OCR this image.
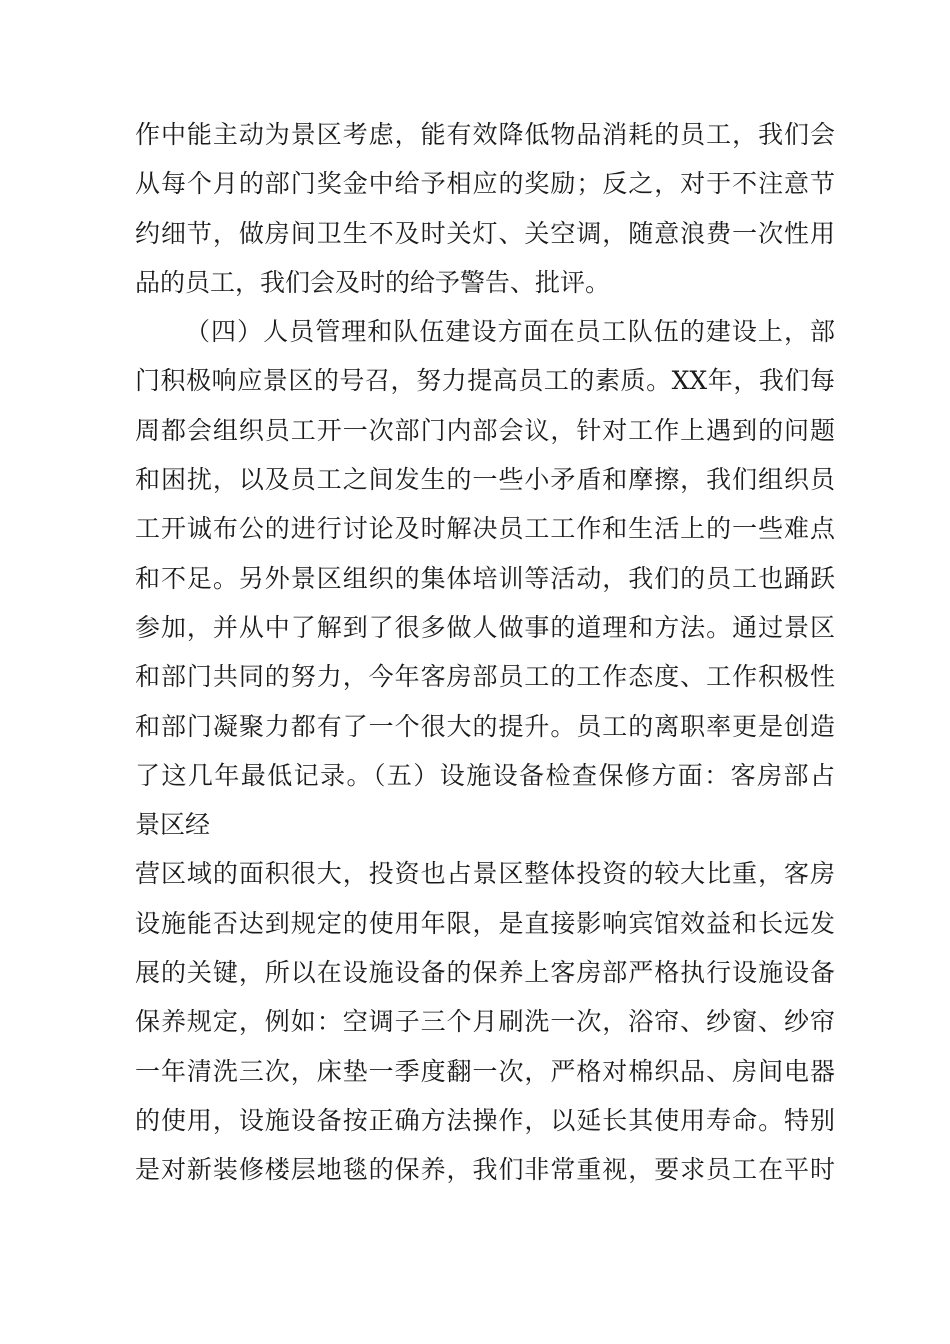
作中能主动为景区考虑，能有效降低物品消耗的员工，我们会
从每个月的部门奖金中给予相应的奖励；反之，对于不注意节
约细节，做房间卫生不及时关灯、关空调，随意浪费一次性用
品的员工，我们会及时的给予警告、批评。
（四）人员管理和队伍建设方面在员工队伍的建设上，部
门积极响应景区的号召，努力提高员工的素质。XX年，我们每
周都会组织员工开一次部门内部会议，针对工作上遇到的问题
和困扰，以及员工之间发生的一些小矛盾和摩擦，我们组织员
工开诚布公的进行讨论及时解决员工工作和生活上的一些难点
和不足。另外景区组织的集体培训等活动，我们的员工也踊跃
参加，并从中了解到了很多做人做事的道理和方法。通过景区
和部门共同的努力，今年客房部员工的工作态度、工作积极性
和部门凝聚力都有了一个很大的提升。员工的离职率更是创造
了这几年最低记录。（五）设施设备检查保修方面：客房部占
景区经
营区域的面积很大，投资也占景区整体投资的较大比重，客房
设施能否达到规定的使用年限，是直接影响宾馆效益和长远发
展的关键，所以在设施设备的保养上客房部严格执行设施设备
保养规定，例如：空调子三个月刷洗一次，浴帘、纱窗、纱帘
一年清洗三次，床垫一季度翻一次，严格对棉织品、房间电器
的使用，设施设备按正确方法操作，以延长其使用寿命。特别
是对新装修楼层地毯的保养，我们非常重视，要求员工在平时
